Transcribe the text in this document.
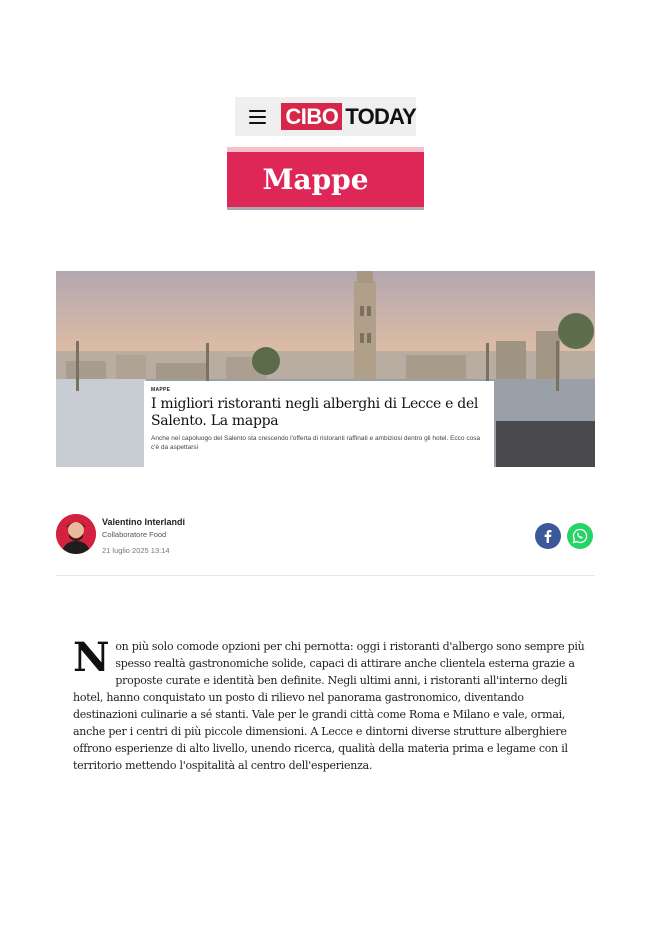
CIBO TODAY
Mappe
MAPPE
I migliori ristoranti negli alberghi di Lecce e del Salento. La mappa
Anche nel capoluogo del Salento sta crescendo l'offerta di ristoranti raffinati e ambiziosi dentro gli hotel. Ecco cosa c'è da aspettarsi
Valentino Interlandi
Collaboratore Food
21 luglio 2025 13:14
Non più solo comode opzioni per chi pernotta: oggi i ristoranti d'albergo sono sempre più spesso realtà gastronomiche solide, capaci di attirare anche clientela esterna grazie a proposte curate e identità ben definite. Negli ultimi anni, i ristoranti all'interno degli hotel, hanno conquistato un posto di rilievo nel panorama gastronomico, diventando destinazioni culinarie a sé stanti. Vale per le grandi città come Roma e Milano e vale, ormai, anche per i centri di più piccole dimensioni. A Lecce e dintorni diverse strutture alberghiere offrono esperienze di alto livello, unendo ricerca, qualità della materia prima e legame con il territorio mettendo l'ospitalità al centro dell'esperienza.
